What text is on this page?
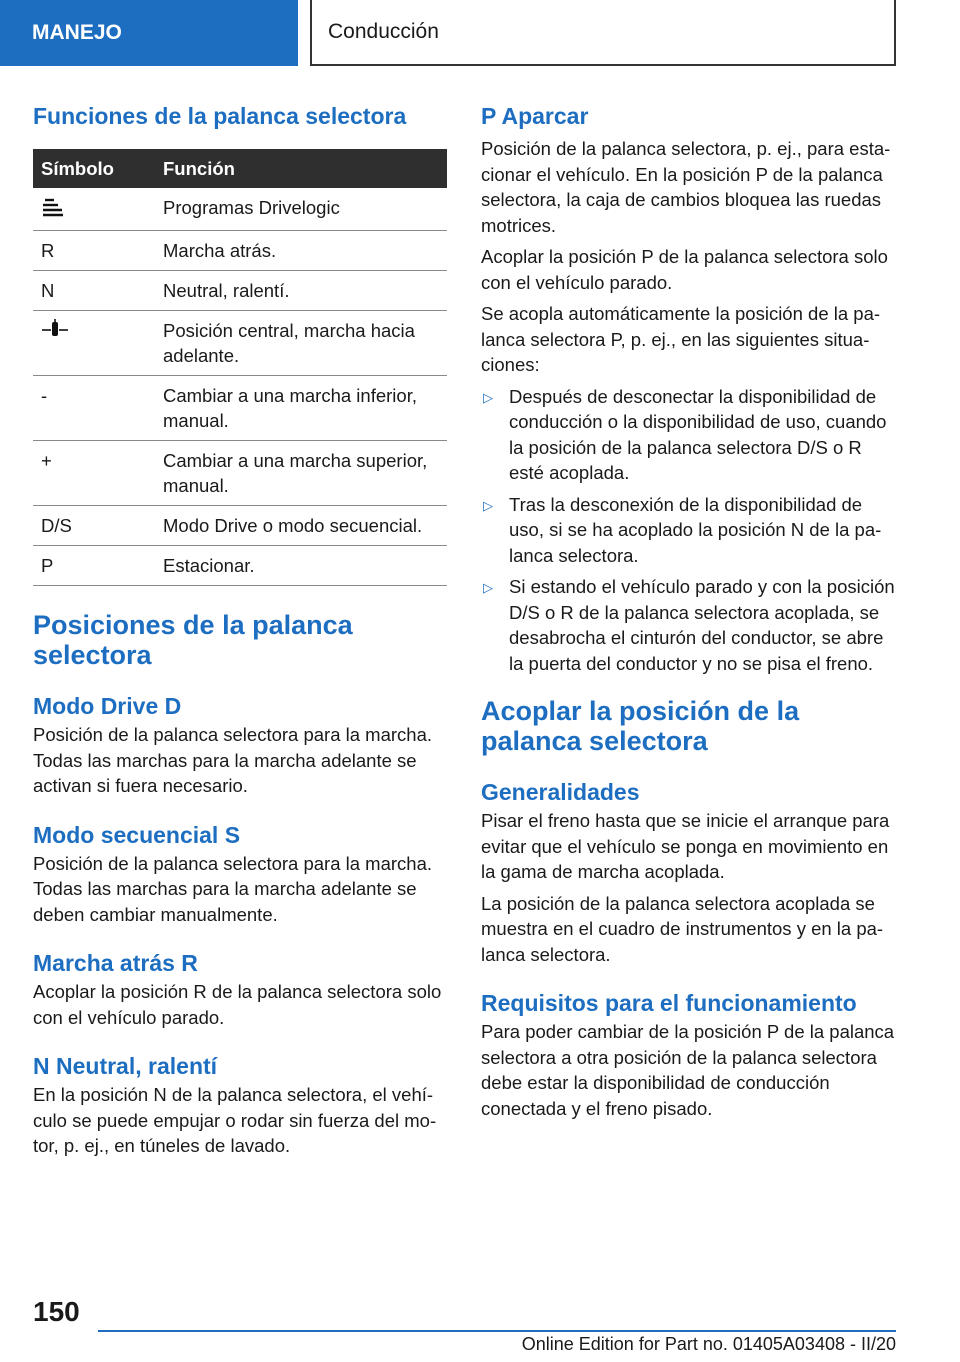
MANEJO	Conducción
Funciones de la palanca selectora
Símbolo	Función
	Programas Drivelogic
R	Marcha atrás.
N	Neutral, ralentí.
	Posición central, marcha hacia adelante.
-	Cambiar a una marcha inferior, manual.
+	Cambiar a una marcha superior, manual.
D/S	Modo Drive o modo secuencial.
P	Estacionar.
Posiciones de la palanca selectora
Modo Drive D

Posición de la palanca selectora para la marcha. Todas las marchas para la marcha adelante se activan si fuera necesario.

Modo secuencial S

Posición de la palanca selectora para la marcha. Todas las marchas para la marcha adelante se deben cambiar manualmente.

Marcha atrás R

Acoplar la posición R de la palanca selectora solo con el vehículo parado.

N Neutral, ralentí

En la posición N de la palanca selectora, el vehículo se puede empujar o rodar sin fuerza del motor, p. ej., en túneles de lavado.

P Aparcar

Posición de la palanca selectora, p. ej., para estacionar el vehículo. En la posición P de la palanca selectora, la caja de cambios bloquea las ruedas motrices.

Acoplar la posición P de la palanca selectora solo con el vehículo parado.

Se acopla automáticamente la posición de la palanca selectora P, p. ej., en las siguientes situaciones:

▷ Después de desconectar la disponibilidad de conducción o la disponibilidad de uso, cuando la posición de la palanca selectora D/S o R esté acoplada.
▷ Tras la desconexión de la disponibilidad de uso, si se ha acoplado la posición N de la palanca selectora.
▷ Si estando el vehículo parado y con la posición D/S o R de la palanca selectora acoplada, se desabrocha el cinturón del conductor, se abre la puerta del conductor y no se pisa el freno.
Acoplar la posición de la palanca selectora
Generalidades

Pisar el freno hasta que se inicie el arranque para evitar que el vehículo se ponga en movimiento en la gama de marcha acoplada.

La posición de la palanca selectora acoplada se muestra en el cuadro de instrumentos y en la palanca selectora.

Requisitos para el funcionamiento

Para poder cambiar de la posición P de la palanca selectora a otra posición de la palanca selectora debe estar la disponibilidad de conducción conectada y el freno pisado.

150
Online Edition for Part no. 01405A03408 - II/20
